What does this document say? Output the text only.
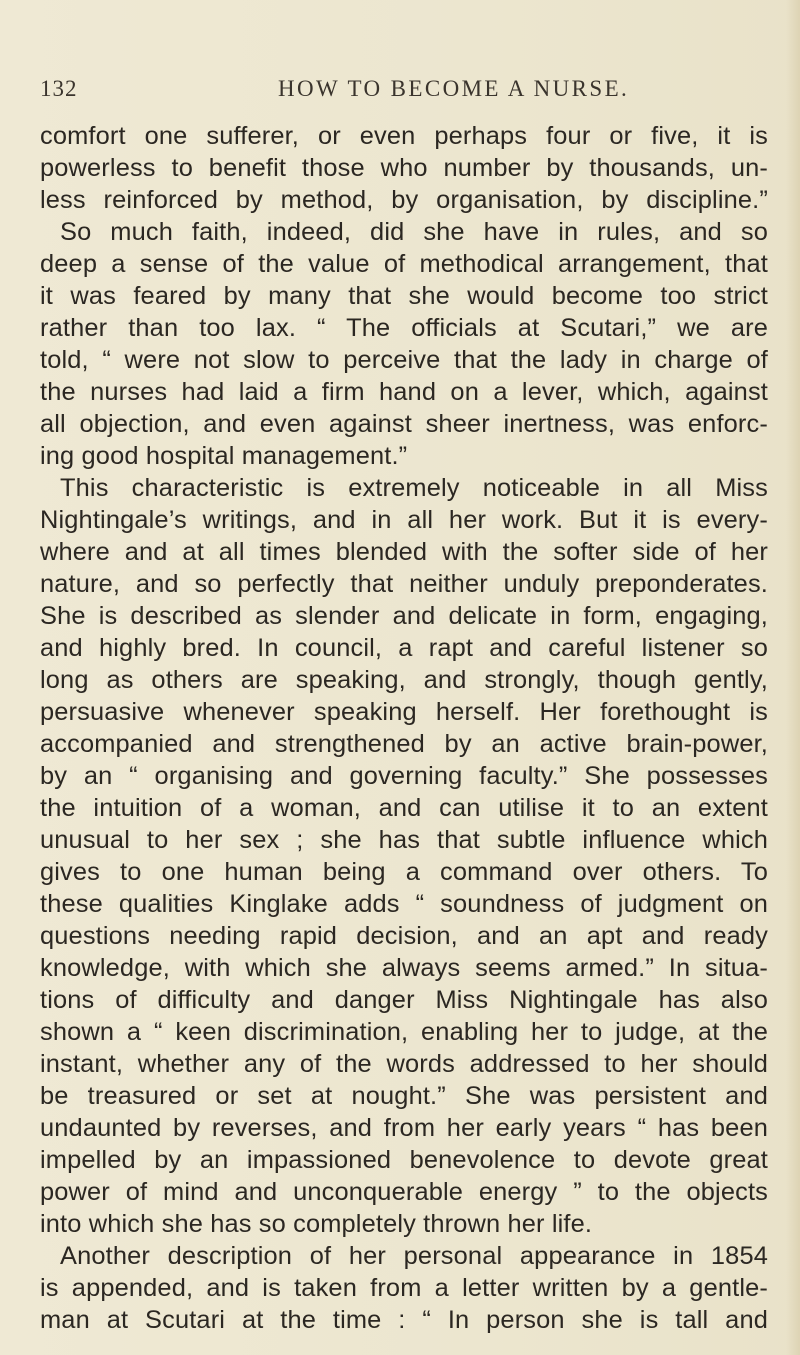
132	HOW TO BECOME A NURSE.
comfort one sufferer, or even perhaps four or five, it is
powerless to benefit those who number by thousands, un-
less reinforced by method, by organisation, by discipline.”
So much faith, indeed, did she have in rules, and so
deep a sense of the value of methodical arrangement, that
it was feared by many that she would become too strict
rather than too lax. “ The officials at Scutari,” we are
told, “ were not slow to perceive that the lady in charge of
the nurses had laid a firm hand on a lever, which, against
all objection, and even against sheer inertness, was enforc-
ing good hospital management.”
This characteristic is extremely noticeable in all Miss
Nightingale’s writings, and in all her work. But it is every-
where and at all times blended with the softer side of her
nature, and so perfectly that neither unduly preponderates.
She is described as slender and delicate in form, engaging,
and highly bred. In council, a rapt and careful listener so
long as others are speaking, and strongly, though gently,
persuasive whenever speaking herself. Her forethought is
accompanied and strengthened by an active brain-power,
by an “ organising and governing faculty.” She possesses
the intuition of a woman, and can utilise it to an extent
unusual to her sex ; she has that subtle influence which
gives to one human being a command over others. To
these qualities Kinglake adds “ soundness of judgment on
questions needing rapid decision, and an apt and ready
knowledge, with which she always seems armed.” In situa-
tions of difficulty and danger Miss Nightingale has also
shown a “ keen discrimination, enabling her to judge, at the
instant, whether any of the words addressed to her should
be treasured or set at nought.” She was persistent and
undaunted by reverses, and from her early years “ has been
impelled by an impassioned benevolence to devote great
power of mind and unconquerable energy ” to the objects
into which she has so completely thrown her life.
Another description of her personal appearance in 1854
is appended, and is taken from a letter written by a gentle-
man at Scutari at the time : “ In person she is tall and
